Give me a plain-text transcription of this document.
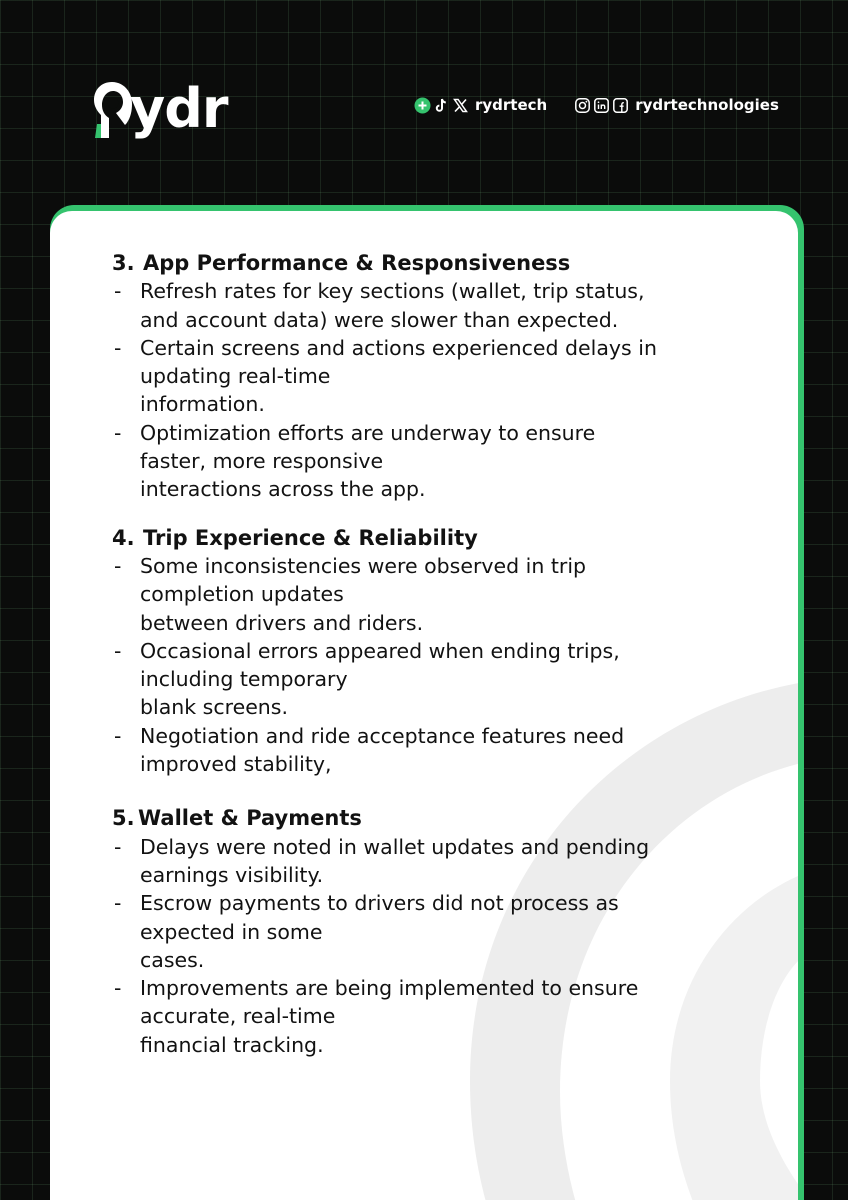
ydr	rydrtech	rydrtechnologies
3. App Performance & Responsiveness
- Refresh rates for key sections (wallet, trip status,
and account data) were slower than expected.
- Certain screens and actions experienced delays in
updating real-time
information.
- Optimization efforts are underway to ensure
faster, more responsive
interactions across the app.
4. Trip Experience & Reliability
- Some inconsistencies were observed in trip
completion updates
between drivers and riders.
- Occasional errors appeared when ending trips,
including temporary
blank screens.
- Negotiation and ride acceptance features need
improved stability,
5. Wallet & Payments
- Delays were noted in wallet updates and pending
earnings visibility.
- Escrow payments to drivers did not process as
expected in some
cases.
- Improvements are being implemented to ensure
accurate, real-time
financial tracking.
